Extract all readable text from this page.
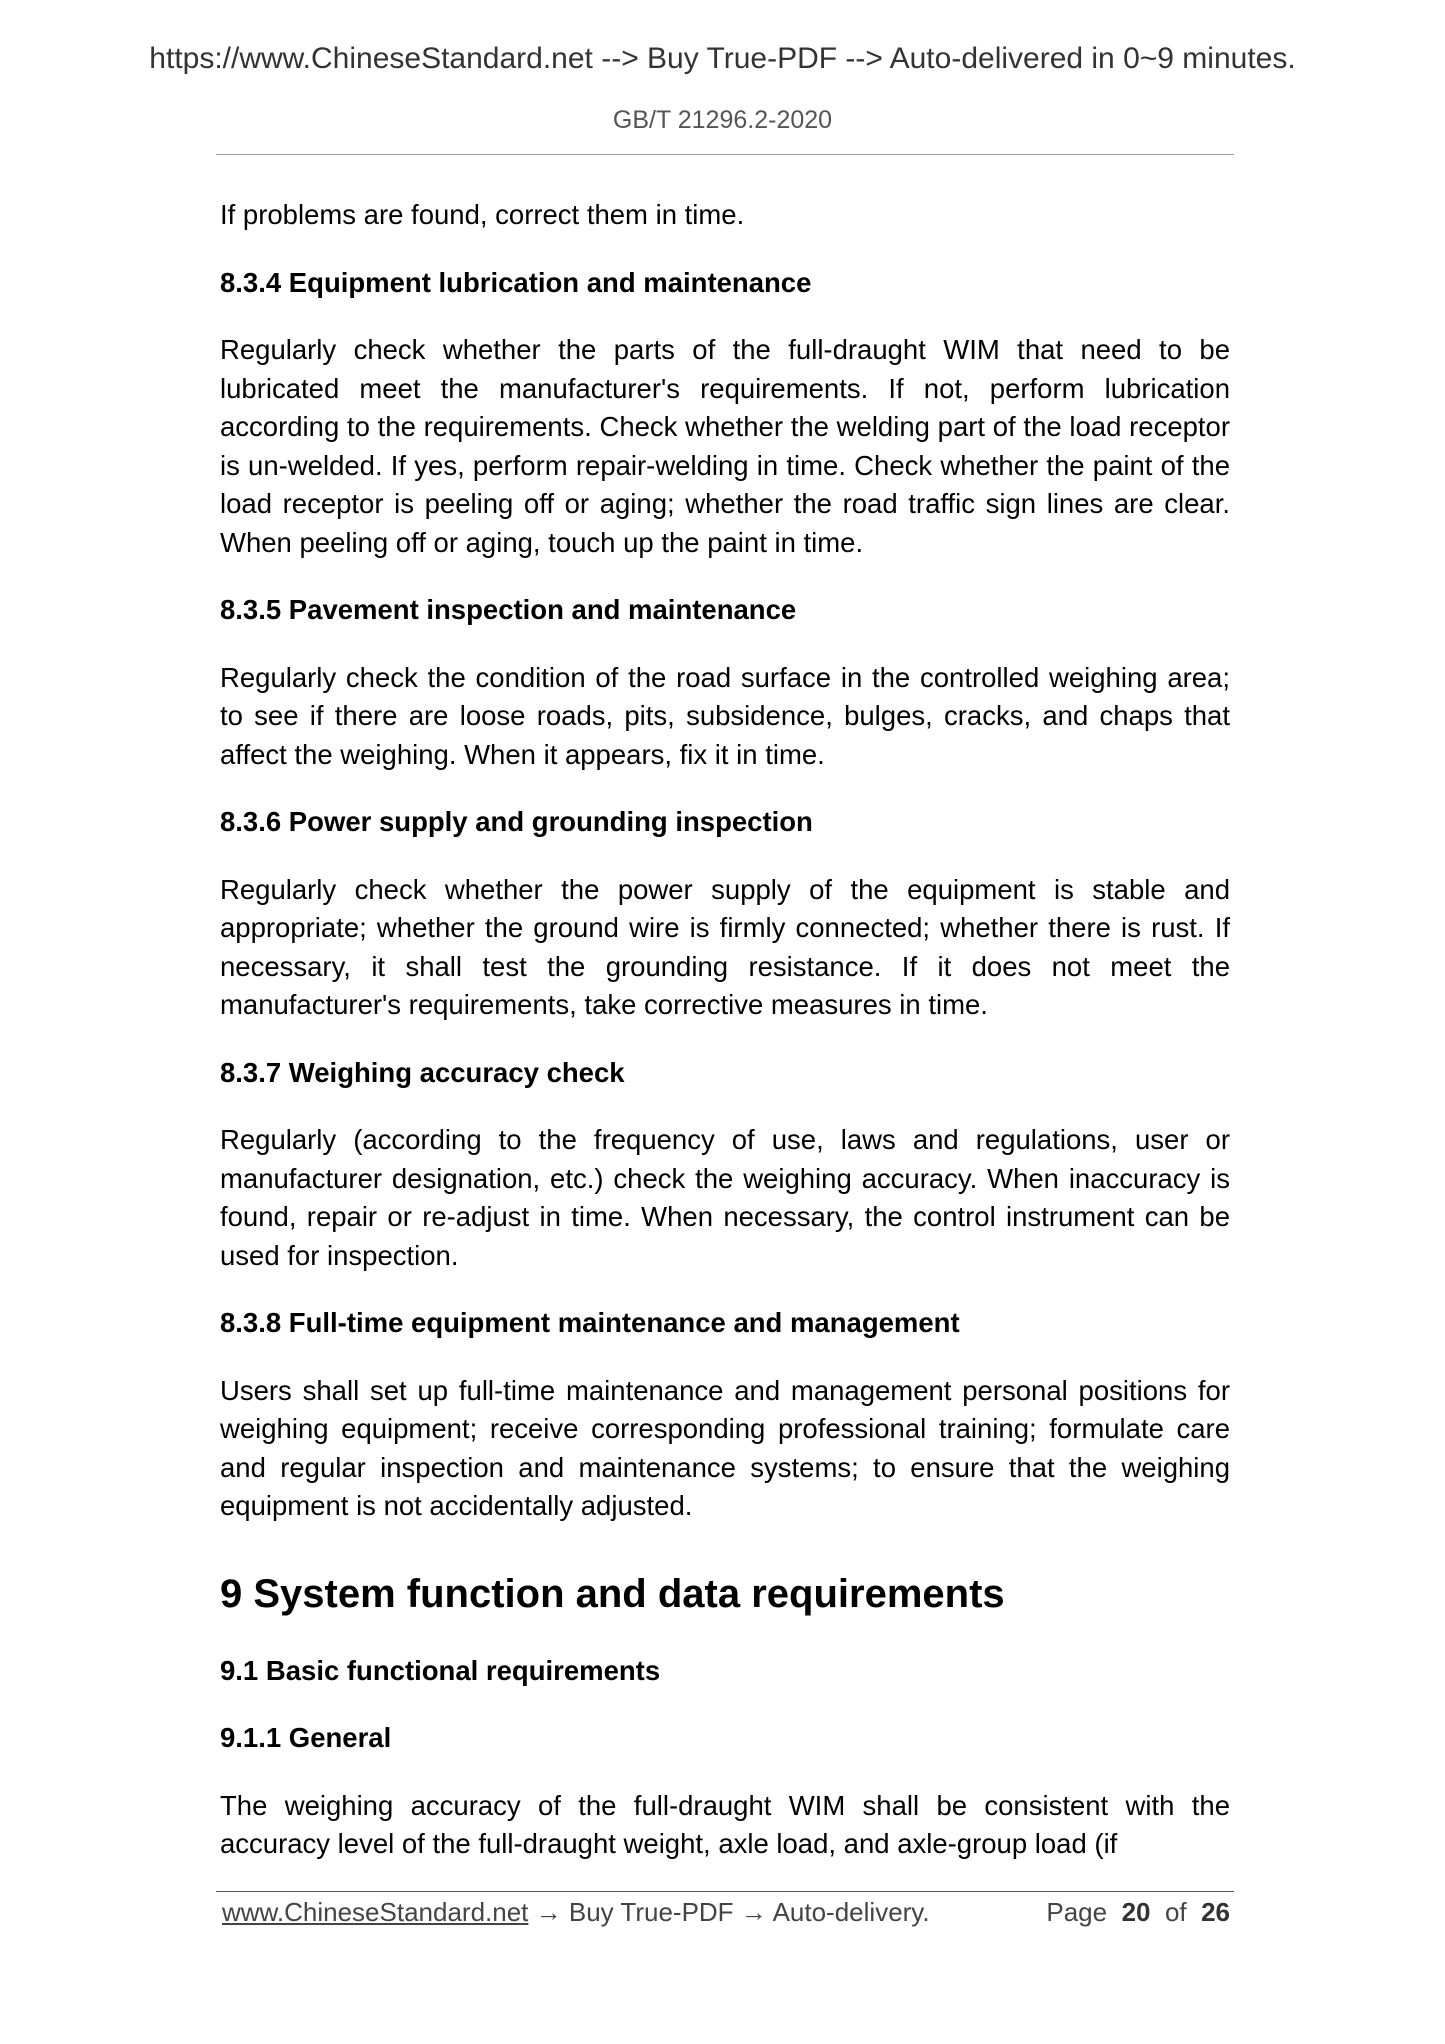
https://www.ChineseStandard.net --> Buy True-PDF --> Auto-delivered in 0~9 minutes.
GB/T 21296.2-2020

If problems are found, correct them in time.

8.3.4 Equipment lubrication and maintenance

Regularly check whether the parts of the full-draught WIM that need to be lubricated meet the manufacturer's requirements. If not, perform lubrication according to the requirements. Check whether the welding part of the load receptor is un-welded. If yes, perform repair-welding in time. Check whether the paint of the load receptor is peeling off or aging; whether the road traffic sign lines are clear. When peeling off or aging, touch up the paint in time.

8.3.5 Pavement inspection and maintenance

Regularly check the condition of the road surface in the controlled weighing area; to see if there are loose roads, pits, subsidence, bulges, cracks, and chaps that affect the weighing. When it appears, fix it in time.

8.3.6 Power supply and grounding inspection

Regularly check whether the power supply of the equipment is stable and appropriate; whether the ground wire is firmly connected; whether there is rust. If necessary, it shall test the grounding resistance. If it does not meet the manufacturer's requirements, take corrective measures in time.

8.3.7 Weighing accuracy check

Regularly (according to the frequency of use, laws and regulations, user or manufacturer designation, etc.) check the weighing accuracy. When inaccuracy is found, repair or re-adjust in time. When necessary, the control instrument can be used for inspection.

8.3.8 Full-time equipment maintenance and management

Users shall set up full-time maintenance and management personal positions for weighing equipment; receive corresponding professional training; formulate care and regular inspection and maintenance systems; to ensure that the weighing equipment is not accidentally adjusted.

9 System function and data requirements

9.1 Basic functional requirements

9.1.1 General

The weighing accuracy of the full-draught WIM shall be consistent with the accuracy level of the full-draught weight, axle load, and axle-group load (if

www.ChineseStandard.net → Buy True-PDF → Auto-delivery.	Page 20 of 26
